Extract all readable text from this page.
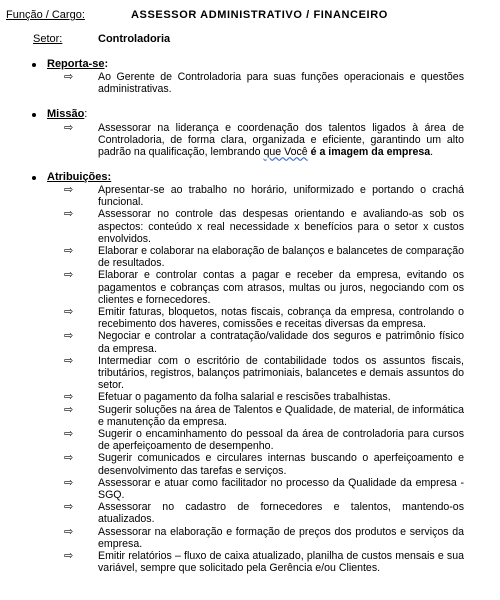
Função / Cargo:	ASSESSOR ADMINISTRATIVO / FINANCEIRO
Setor:	Controladoria
Reporta-se:
⇨
Ao Gerente de Controladoria para suas funções operacionais e questões administrativas.
Missão:
⇨
Assessorar na liderança e coordenação dos talentos ligados à área de Controladoria, de forma clara, organizada e eficiente, garantindo um alto padrão na qualificação, lembrando que Você é a imagem da empresa.
Atribuições:
⇨
Apresentar-se ao trabalho no horário, uniformizado e portando o crachá funcional.
⇨
Assessorar no controle das despesas orientando e avaliando-as sob os aspectos: conteúdo x real necessidade x benefícios para o setor x custos envolvidos.
⇨
Elaborar e colaborar na elaboração de balanços e balancetes de comparação de resultados.
⇨
Elaborar e controlar contas a pagar e receber da empresa, evitando os pagamentos e cobranças com atrasos, multas ou juros, negociando com os clientes e fornecedores.
⇨
Emitir faturas, bloquetos, notas fiscais, cobrança da empresa, controlando o recebimento dos haveres, comissões e receitas diversas da empresa.
⇨
Negociar e controlar a contratação/validade dos seguros e patrimônio físico da empresa.
⇨
Intermediar com o escritório de contabilidade todos os assuntos fiscais, tributários, registros, balanços patrimoniais, balancetes e demais assuntos do setor.
⇨
Efetuar o pagamento da folha salarial e rescisões trabalhistas.
⇨
Sugerir soluções na área de Talentos e Qualidade, de material, de informática e manutenção da empresa.
⇨
Sugerir o encaminhamento do pessoal da área de controladoria para cursos de aperfeiçoamento de desempenho.
⇨
Sugerir comunicados e circulares internas buscando o aperfeiçoamento e desenvolvimento das tarefas e serviços.
⇨
Assessorar e atuar como facilitador no processo da Qualidade da empresa - SGQ.
⇨
Assessorar no cadastro de fornecedores e talentos, mantendo-os atualizados.
⇨
Assessorar na elaboração e formação de preços dos produtos e serviços da empresa.
⇨
Emitir relatórios – fluxo de caixa atualizado, planilha de custos mensais e sua variável, sempre que solicitado pela Gerência e/ou Clientes.
